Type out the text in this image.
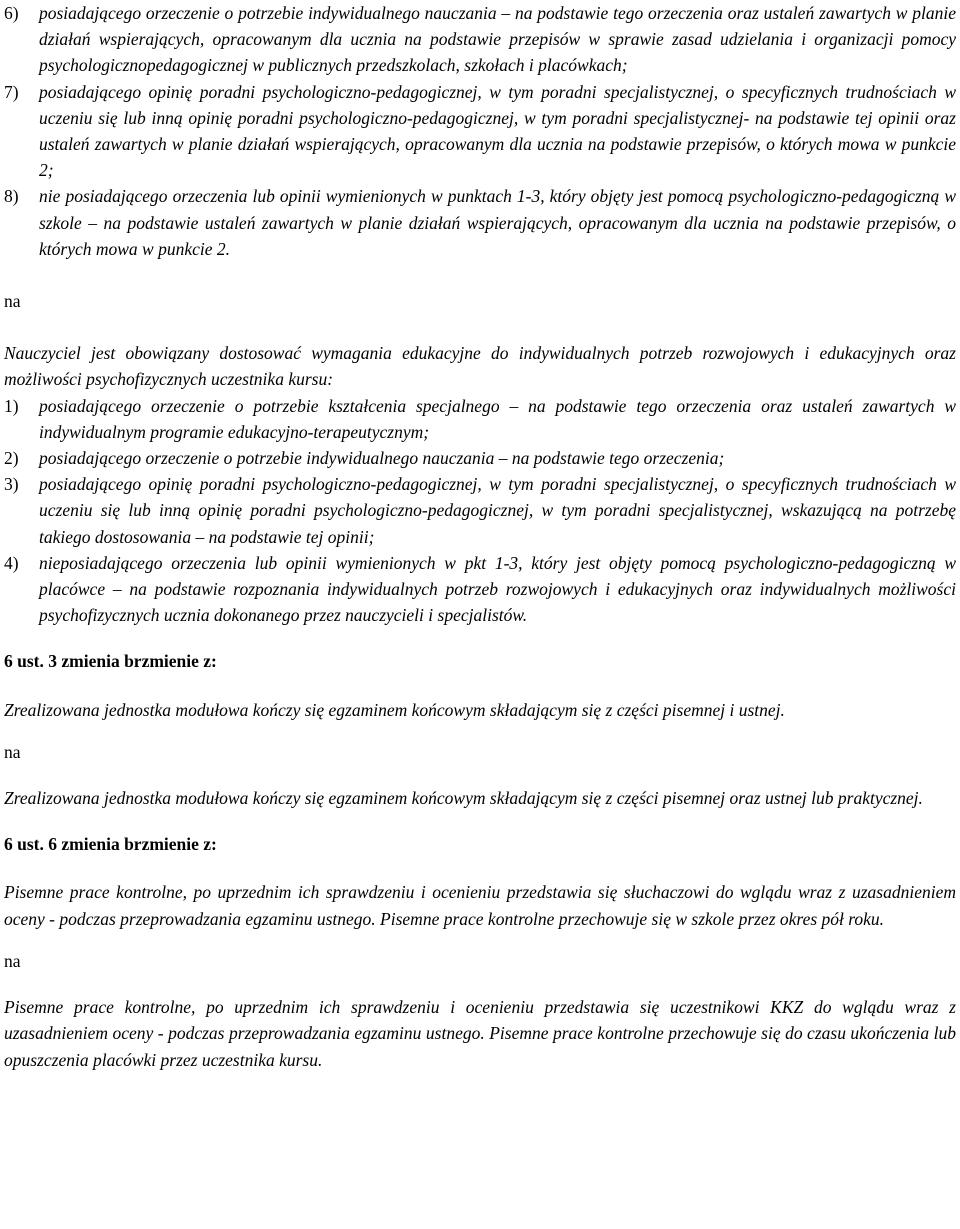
6)	posiadającego orzeczenie o potrzebie indywidualnego nauczania – na podstawie tego orzeczenia oraz ustaleń zawartych w planie działań wspierających, opracowanym dla ucznia na podstawie przepisów w sprawie zasad udzielania i organizacji pomocy psychologicznopedagogicznej w publicznych przedszkolach, szkołach i placówkach;
7)	posiadającego opinię poradni psychologiczno-pedagogicznej, w tym poradni specjalistycznej, o specyficznych trudnościach w uczeniu się lub inną opinię poradni psychologiczno-pedagogicznej, w tym poradni specjalistycznej- na podstawie tej opinii oraz ustaleń zawartych w planie działań wspierających, opracowanym dla ucznia na podstawie przepisów, o których mowa w punkcie 2;
8)	nie posiadającego orzeczenia lub opinii wymienionych w punktach 1-3, który objęty jest pomocą psychologiczno-pedagogiczną w szkole – na podstawie ustaleń zawartych w planie działań wspierających, opracowanym dla ucznia na podstawie przepisów, o których mowa w punkcie 2.

na

Nauczyciel jest obowiązany dostosować wymagania edukacyjne do indywidualnych potrzeb rozwojowych i edukacyjnych oraz możliwości psychofizycznych uczestnika kursu:

1)	posiadającego orzeczenie o potrzebie kształcenia specjalnego – na podstawie tego orzeczenia oraz ustaleń zawartych w indywidualnym programie edukacyjno-terapeutycznym;
2)	posiadającego orzeczenie o potrzebie indywidualnego nauczania – na podstawie tego orzeczenia;
3)	posiadającego opinię poradni psychologiczno-pedagogicznej, w tym poradni specjalistycznej, o specyficznych trudnościach w uczeniu się lub inną opinię poradni psychologiczno-pedagogicznej, w tym poradni specjalistycznej, wskazującą na potrzebę takiego dostosowania – na podstawie tej opinii;
4)	nieposiadającego orzeczenia lub opinii wymienionych w pkt 1-3, który jest objęty pomocą psychologiczno-pedagogiczną w placówce – na podstawie rozpoznania indywidualnych potrzeb rozwojowych i edukacyjnych oraz indywidualnych możliwości psychofizycznych ucznia dokonanego przez nauczycieli i specjalistów.

6 ust. 3 zmienia brzmienie z:

Zrealizowana jednostka modułowa kończy się egzaminem końcowym składającym się z części pisemnej i ustnej.

na

Zrealizowana jednostka modułowa kończy się egzaminem końcowym składającym się z części pisemnej oraz ustnej lub praktycznej.

6 ust. 6 zmienia brzmienie z:

Pisemne prace kontrolne, po uprzednim ich sprawdzeniu i ocenieniu przedstawia się słuchaczowi do wglądu wraz z uzasadnieniem oceny - podczas przeprowadzania egzaminu ustnego. Pisemne prace kontrolne przechowuje się w szkole przez okres pół roku.

na

Pisemne prace kontrolne, po uprzednim ich sprawdzeniu i ocenieniu przedstawia się uczestnikowi KKZ do wglądu wraz z uzasadnieniem oceny - podczas przeprowadzania egzaminu ustnego. Pisemne prace kontrolne przechowuje się do czasu ukończenia lub opuszczenia placówki przez uczestnika kursu.
